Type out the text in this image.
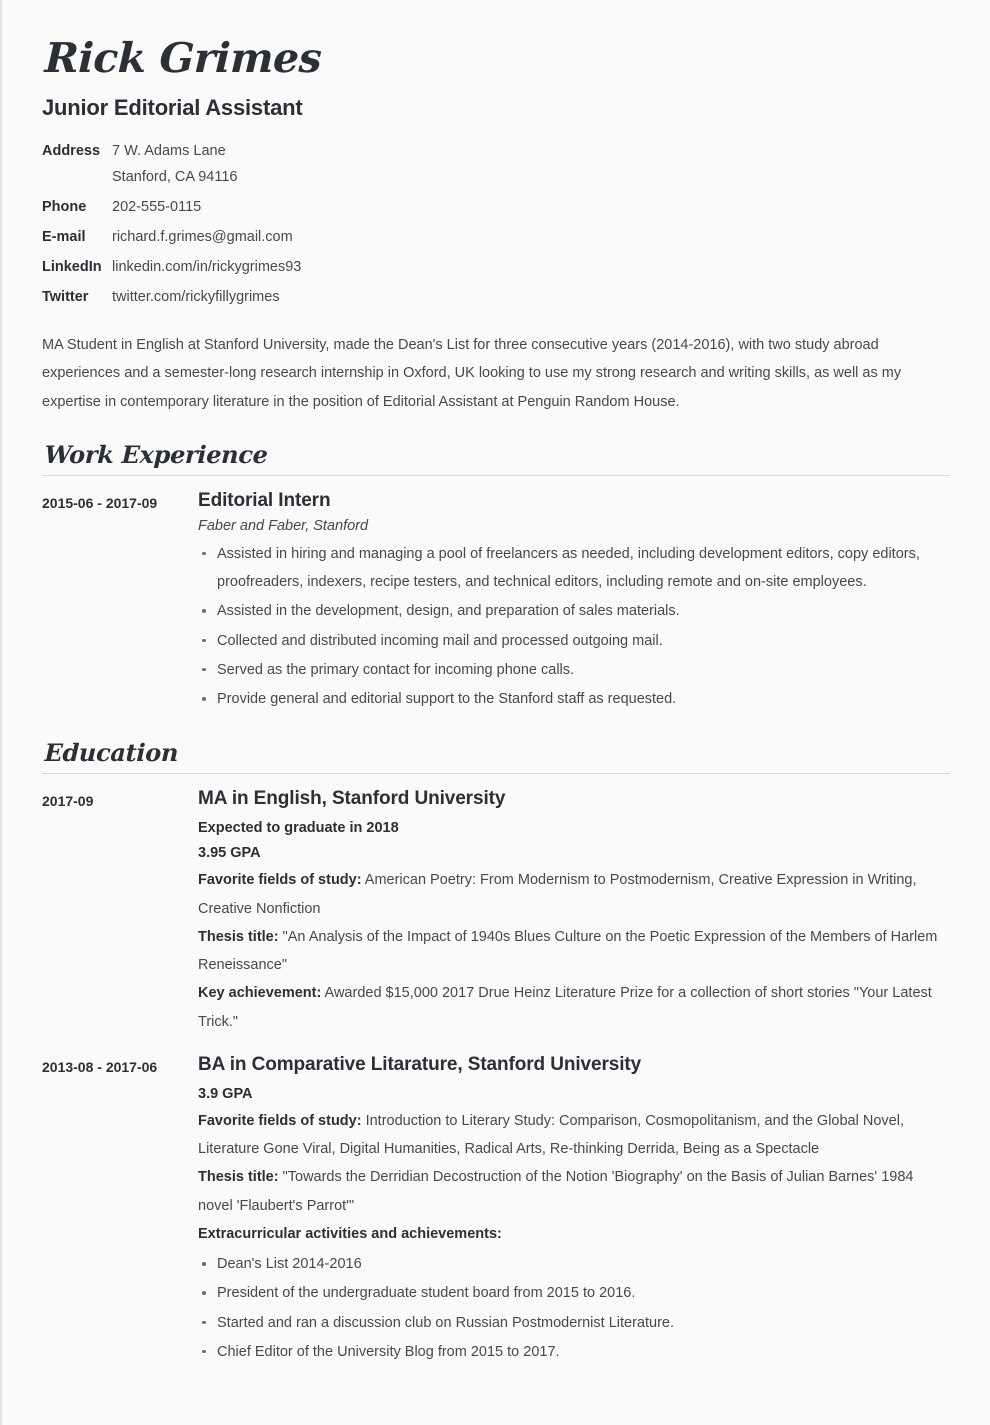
Rick Grimes
Junior Editorial Assistant
Address 7 W. Adams Lane
Stanford, CA 94116
Phone	202-555-0115
E-mail	richard.f.grimes@gmail.com
LinkedIn linkedin.com/in/rickygrimes93
Twitter	twitter.com/rickyfillygrimes

MA Student in English at Stanford University, made the Dean's List for three consecutive years (2014-2016), with two study abroad experiences and a semester-long research internship in Oxford, UK looking to use my strong research and writing skills, as well as my expertise in contemporary literature in the position of Editorial Assistant at Penguin Random House.

Work Experience
2015-06 - 2017-09	Editorial Intern
Faber and Faber, Stanford
Assisted in hiring and managing a pool of freelancers as needed, including development editors, copy editors, proofreaders, indexers, recipe testers, and technical editors, including remote and on-site employees.
Assisted in the development, design, and preparation of sales materials.
Collected and distributed incoming mail and processed outgoing mail.
Served as the primary contact for incoming phone calls.
Provide general and editorial support to the Stanford staff as requested.
Education
2017-09	MA in English, Stanford University
Expected to graduate in 2018
3.95 GPA
Favorite fields of study: American Poetry: From Modernism to Postmodernism, Creative Expression in Writing, Creative Nonfiction
Thesis title: "An Analysis of the Impact of 1940s Blues Culture on the Poetic Expression of the Members of Harlem Reneissance"
Key achievement: Awarded $15,000 2017 Drue Heinz Literature Prize for a collection of short stories "Your Latest Trick."
2013-08 - 2017-06	BA in Comparative Litarature, Stanford University
3.9 GPA
Favorite fields of study: Introduction to Literary Study: Comparison, Cosmopolitanism, and the Global Novel, Literature Gone Viral, Digital Humanities, Radical Arts, Re-thinking Derrida, Being as a Spectacle
Thesis title: "Towards the Derridian Decostruction of the Notion 'Biography' on the Basis of Julian Barnes' 1984 novel 'Flaubert's Parrot'"
Extracurricular activities and achievements:
Dean's List 2014-2016
President of the undergraduate student board from 2015 to 2016.
Started and ran a discussion club on Russian Postmodernist Literature.
Chief Editor of the University Blog from 2015 to 2017.
